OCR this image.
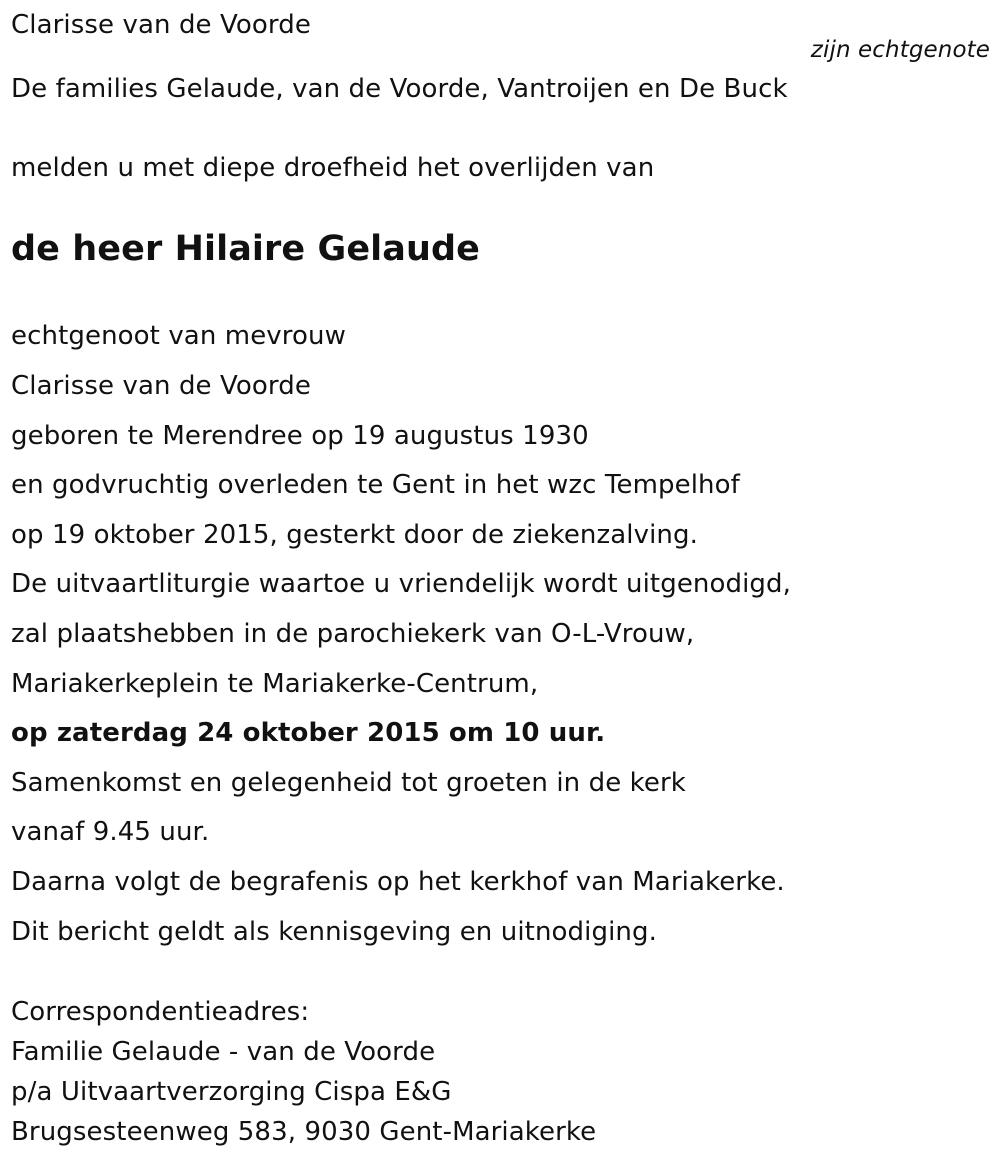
Clarisse van de Voorde
zijn echtgenote
De families Gelaude, van de Voorde, Vantroijen en De Buck
melden u met diepe droefheid het overlijden van
de heer Hilaire Gelaude
echtgenoot van mevrouw
Clarisse van de Voorde
geboren te Merendree op 19 augustus 1930
en godvruchtig overleden te Gent in het wzc Tempelhof
op 19 oktober 2015, gesterkt door de ziekenzalving.
De uitvaartliturgie waartoe u vriendelijk wordt uitgenodigd,
zal plaatshebben in de parochiekerk van O-L-Vrouw,
Mariakerkeplein te Mariakerke-Centrum,
op zaterdag 24 oktober 2015 om 10 uur.
Samenkomst en gelegenheid tot groeten in de kerk
vanaf 9.45 uur.
Daarna volgt de begrafenis op het kerkhof van Mariakerke.
Dit bericht geldt als kennisgeving en uitnodiging.
Correspondentieadres:
Familie Gelaude - van de Voorde
p/a Uitvaartverzorging Cispa E&G
Brugsesteenweg 583, 9030 Gent-Mariakerke
